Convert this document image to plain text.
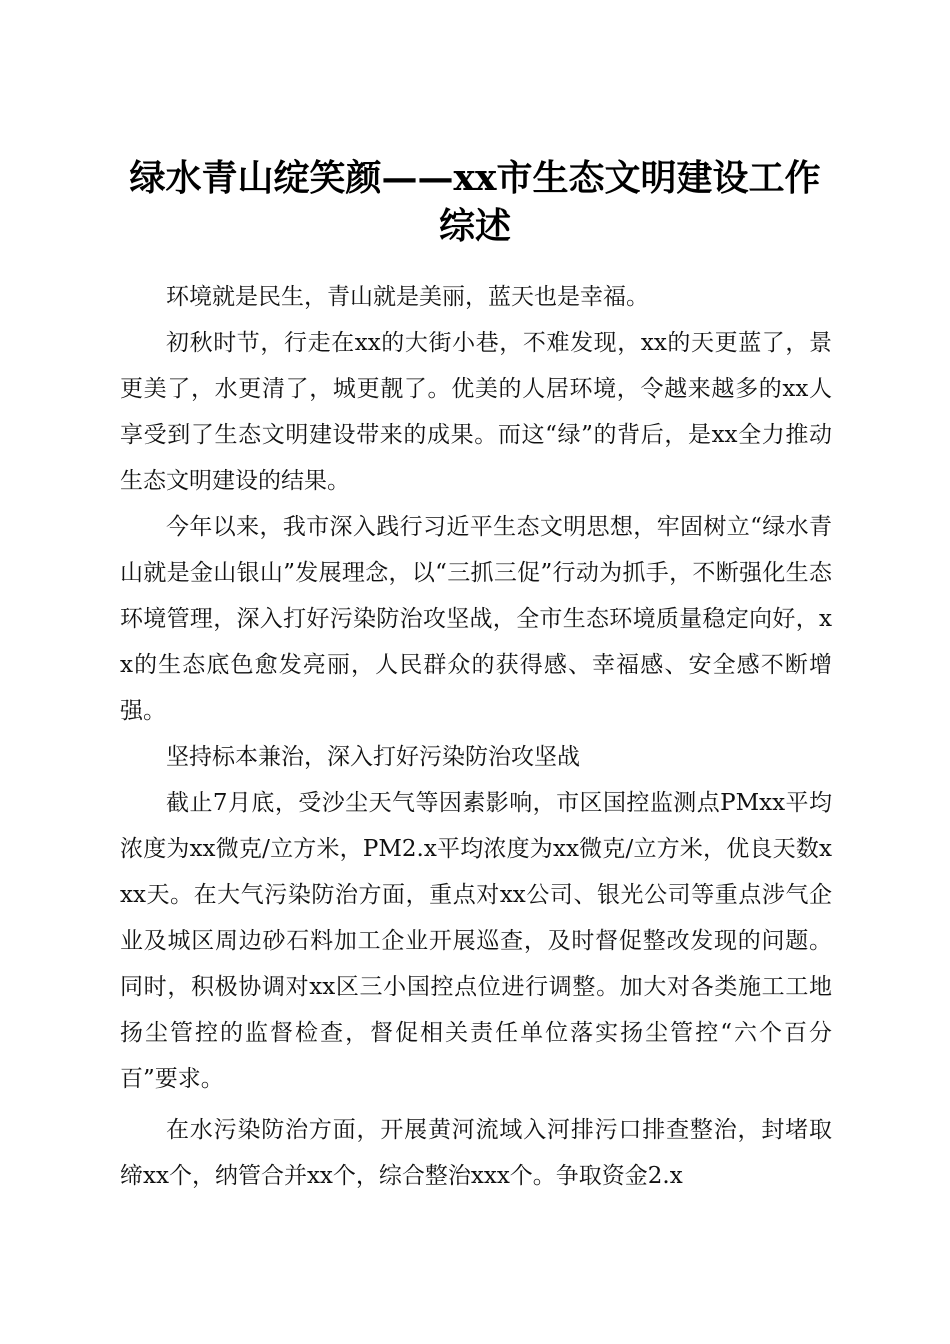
绿水青山绽笑颜——xx市生态文明建设工作
综述

环境就是民生，青山就是美丽，蓝天也是幸福。

初秋时节，行走在xx的大街小巷，不难发现，xx的天更蓝了，景更美了，水更清了，城更靓了。优美的人居环境，令越来越多的xx人享受到了生态文明建设带来的成果。而这“绿”的背后，是xx全力推动生态文明建设的结果。

今年以来，我市深入践行习近平生态文明思想，牢固树立“绿水青山就是金山银山”发展理念，以“三抓三促”行动为抓手，不断强化生态环境管理，深入打好污染防治攻坚战，全市生态环境质量稳定向好，xx的生态底色愈发亮丽，人民群众的获得感、幸福感、安全感不断增强。

坚持标本兼治，深入打好污染防治攻坚战

截止7月底，受沙尘天气等因素影响，市区国控监测点PMxx平均浓度为xx微克/立方米，PM2.x平均浓度为xx微克/立方米，优良天数xxx天。在大气污染防治方面，重点对xx公司、银光公司等重点涉气企业及城区周边砂石料加工企业开展巡查，及时督促整改发现的问题。同时，积极协调对xx区三小国控点位进行调整。加大对各类施工工地扬尘管控的监督检查，督促相关责任单位落实扬尘管控“六个百分百”要求。

在水污染防治方面，开展黄河流域入河排污口排查整治，封堵取缔xx个，纳管合并xx个，综合整治xxx个。争取资金2.x
